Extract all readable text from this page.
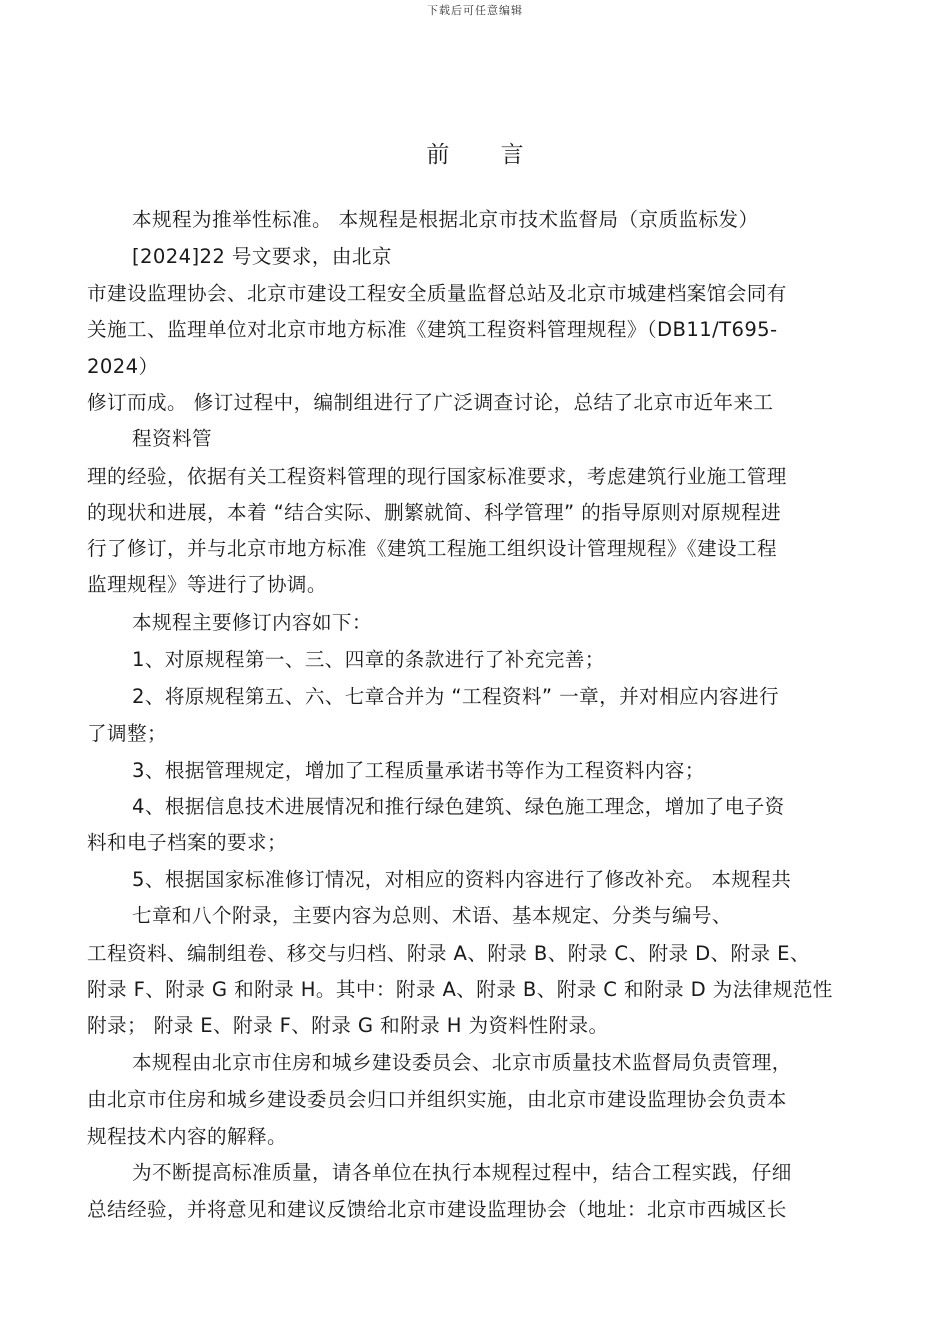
下载后可任意编辑
前 言
本规程为推举性标准。 本规程是根据北京市技术监督局（京质监标发）
[2024]22 号文要求，由北京
市建设监理协会、北京市建设工程安全质量监督总站及北京市城建档案馆会同有
关施工、监理单位对北京市地方标准《建筑工程资料管理规程》（DB11/T695-
2024）
修订而成。 修订过程中，编制组进行了广泛调查讨论，总结了北京市近年来工
程资料管
理的经验，依据有关工程资料管理的现行国家标准要求，考虑建筑行业施工管理
的现状和进展，本着 “结合实际、删繁就简、科学管理” 的指导原则对原规程进
行了修订，并与北京市地方标准《建筑工程施工组织设计管理规程》《建设工程
监理规程》等进行了协调。
本规程主要修订内容如下：
1、对原规程第一、三、四章的条款进行了补充完善；
2、将原规程第五、六、七章合并为 “工程资料” 一章，并对相应内容进行
了调整；
3、根据管理规定，增加了工程质量承诺书等作为工程资料内容；
4、根据信息技术进展情况和推行绿色建筑、绿色施工理念，增加了电子资
料和电子档案的要求；
5、根据国家标准修订情况，对相应的资料内容进行了修改补充。 本规程共
七章和八个附录，主要内容为总则、术语、基本规定、分类与编号、
工程资料、编制组卷、移交与归档、附录 A、附录 B、附录 C、附录 D、附录 E、
附录 F、附录 G 和附录 H。其中：附录 A、附录 B、附录 C 和附录 D 为法律规范性
附录； 附录 E、附录 F、附录 G 和附录 H 为资料性附录。
本规程由北京市住房和城乡建设委员会、北京市质量技术监督局负责管理，
由北京市住房和城乡建设委员会归口并组织实施，由北京市建设监理协会负责本
规程技术内容的解释。
为不断提高标准质量，请各单位在执行本规程过程中，结合工程实践，仔细
总结经验，并将意见和建议反馈给北京市建设监理协会（地址：北京市西城区长
